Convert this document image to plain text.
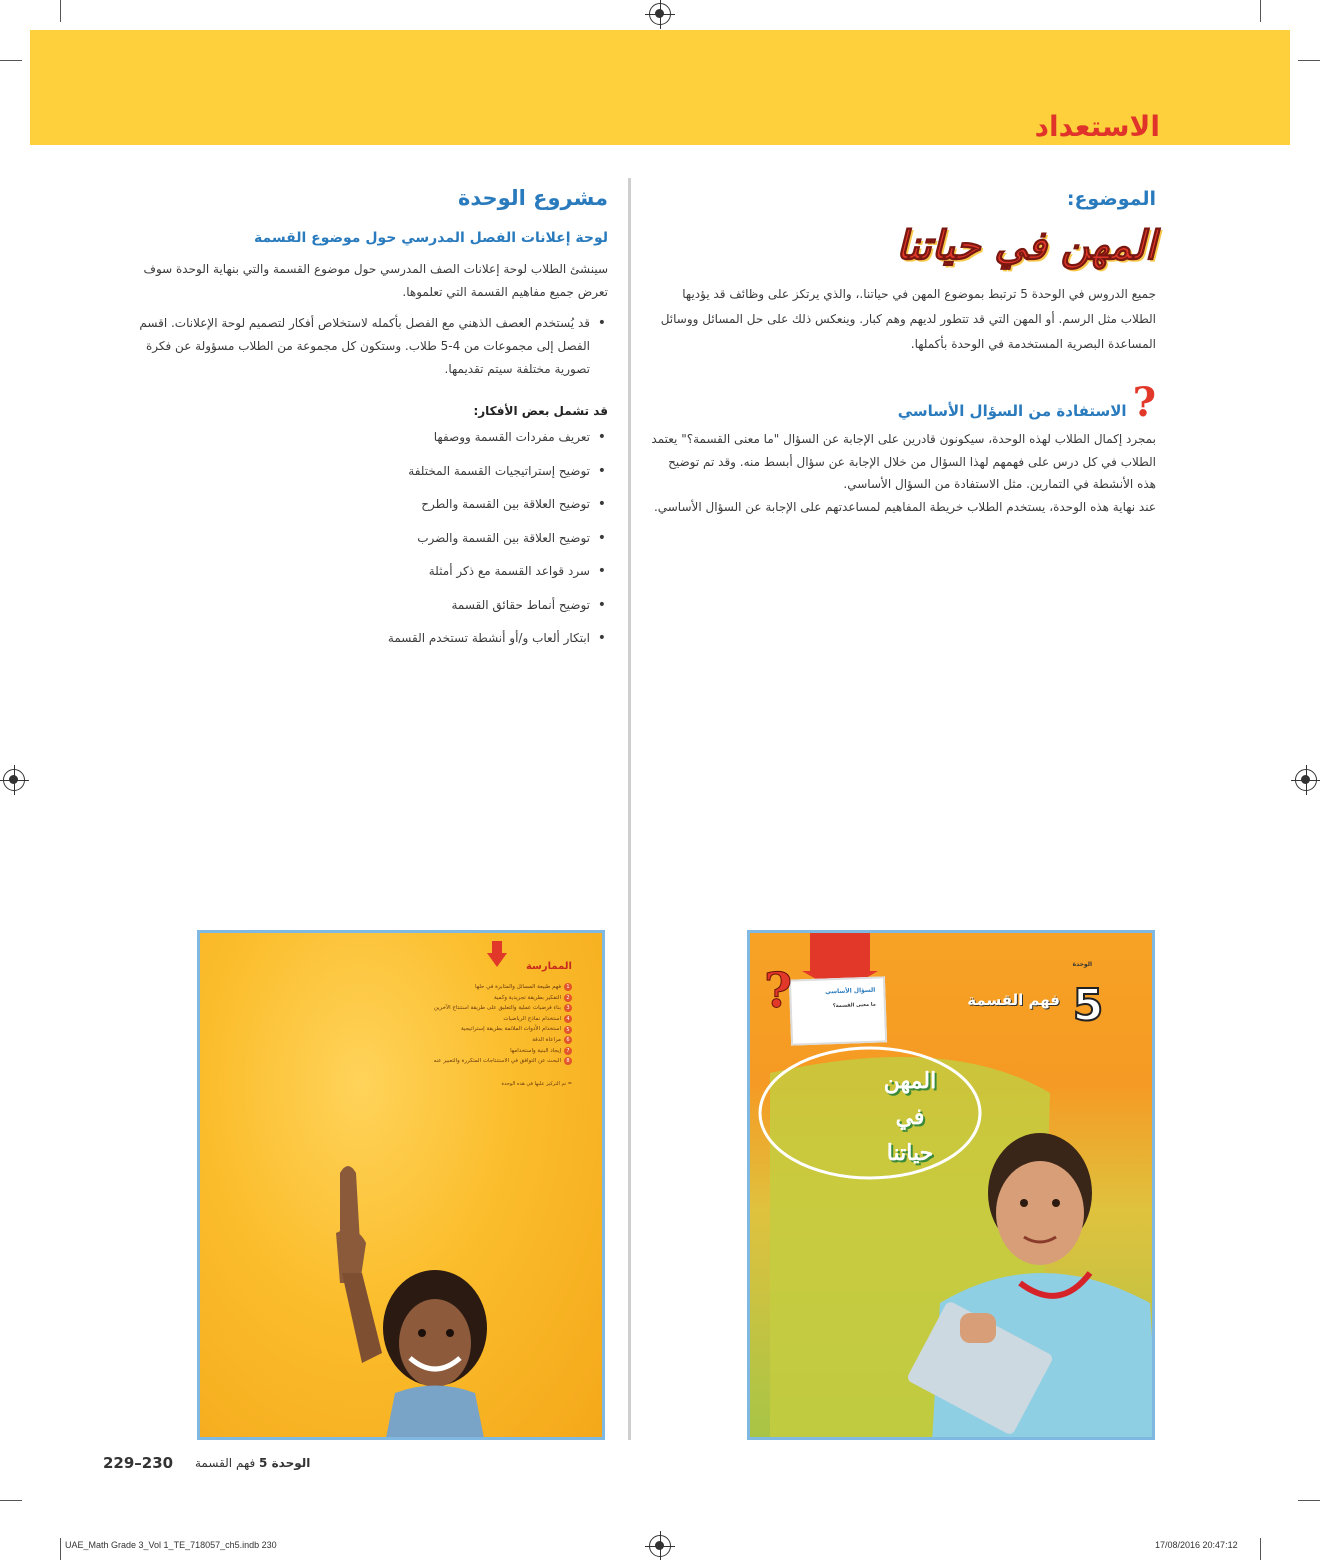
الاستعداد
الموضوع:
المهن في حياتنا
جميع الدروس في الوحدة 5 ترتبط بموضوع المهن في حياتنا.، والذي يرتكز على وظائف قد يؤديها الطلاب مثل الرسم. أو المهن التي قد تتطور لديهم وهم كبار. وينعكس ذلك على حل المسائل ووسائل المساعدة البصرية المستخدمة في الوحدة بأكملها.
?
الاستفادة من السؤال الأساسي
بمجرد إكمال الطلاب لهذه الوحدة، سيكونون قادرين على الإجابة عن السؤال "ما معنى القسمة؟" يعتمد الطلاب في كل درس على فهمهم لهذا السؤال من خلال الإجابة عن سؤال أبسط منه. وقد تم توضيح هذه الأنشطة في التمارين. مثل الاستفادة من السؤال الأساسي.
عند نهاية هذه الوحدة، يستخدم الطلاب خريطة المفاهيم لمساعدتهم على الإجابة عن السؤال الأساسي.
مشروع الوحدة
لوحة إعلانات الفصل المدرسي حول موضوع القسمة
سينشئ الطلاب لوحة إعلانات الصف المدرسي حول موضوع القسمة والتي بنهاية الوحدة سوف تعرض جميع مفاهيم القسمة التي تعلموها.
• قد يُستخدم العصف الذهني مع الفصل بأكمله لاستخلاص أفكار لتصميم لوحة الإعلانات. اقسم الفصل إلى مجموعات من 4-5 طلاب. وستكون كل مجموعة من الطلاب مسؤولة عن فكرة تصورية مختلفة سيتم تقديمها.
قد تشمل بعض الأفكار:
• تعريف مفردات القسمة ووصفها
• توضيح إستراتيجيات القسمة المختلفة
• توضيح العلاقة بين القسمة والطرح
• توضيح العلاقة بين القسمة والضرب
• سرد قواعد القسمة مع ذكر أمثلة
• توضيح أنماط حقائق القسمة
• ابتكار ألعاب و/أو أنشطة تستخدم القسمة
الممارسة
1
فهم طبيعة المسائل والمثابرة في حلها
2
التفكير بطريقة تجريدية وكمية
3
بناء فرضيات عملية والتعليق على طريقة استنتاج الآخرين
4
استخدام نماذج الرياضيات
5
استخدام الأدوات الملائمة بطريقة إستراتيجية
6
مراعاة الدقة
7
إيجاد البنية واستخدامها
8
البحث عن التوافق في الاستنتاجات المتكررة والتعبير عنه
= تم التركيز عليها في هذه الوحدة
السؤال الأساسي
ما معنى القسمة؟
?	الوحدة
5
فهم القسمة
المهن
في
حياتنا
229–230	الوحدة 5 فهم القسمة
UAE_Math Grade 3_Vol 1_TE_718057_ch5.indb 230	17/08/2016 20:47:12
